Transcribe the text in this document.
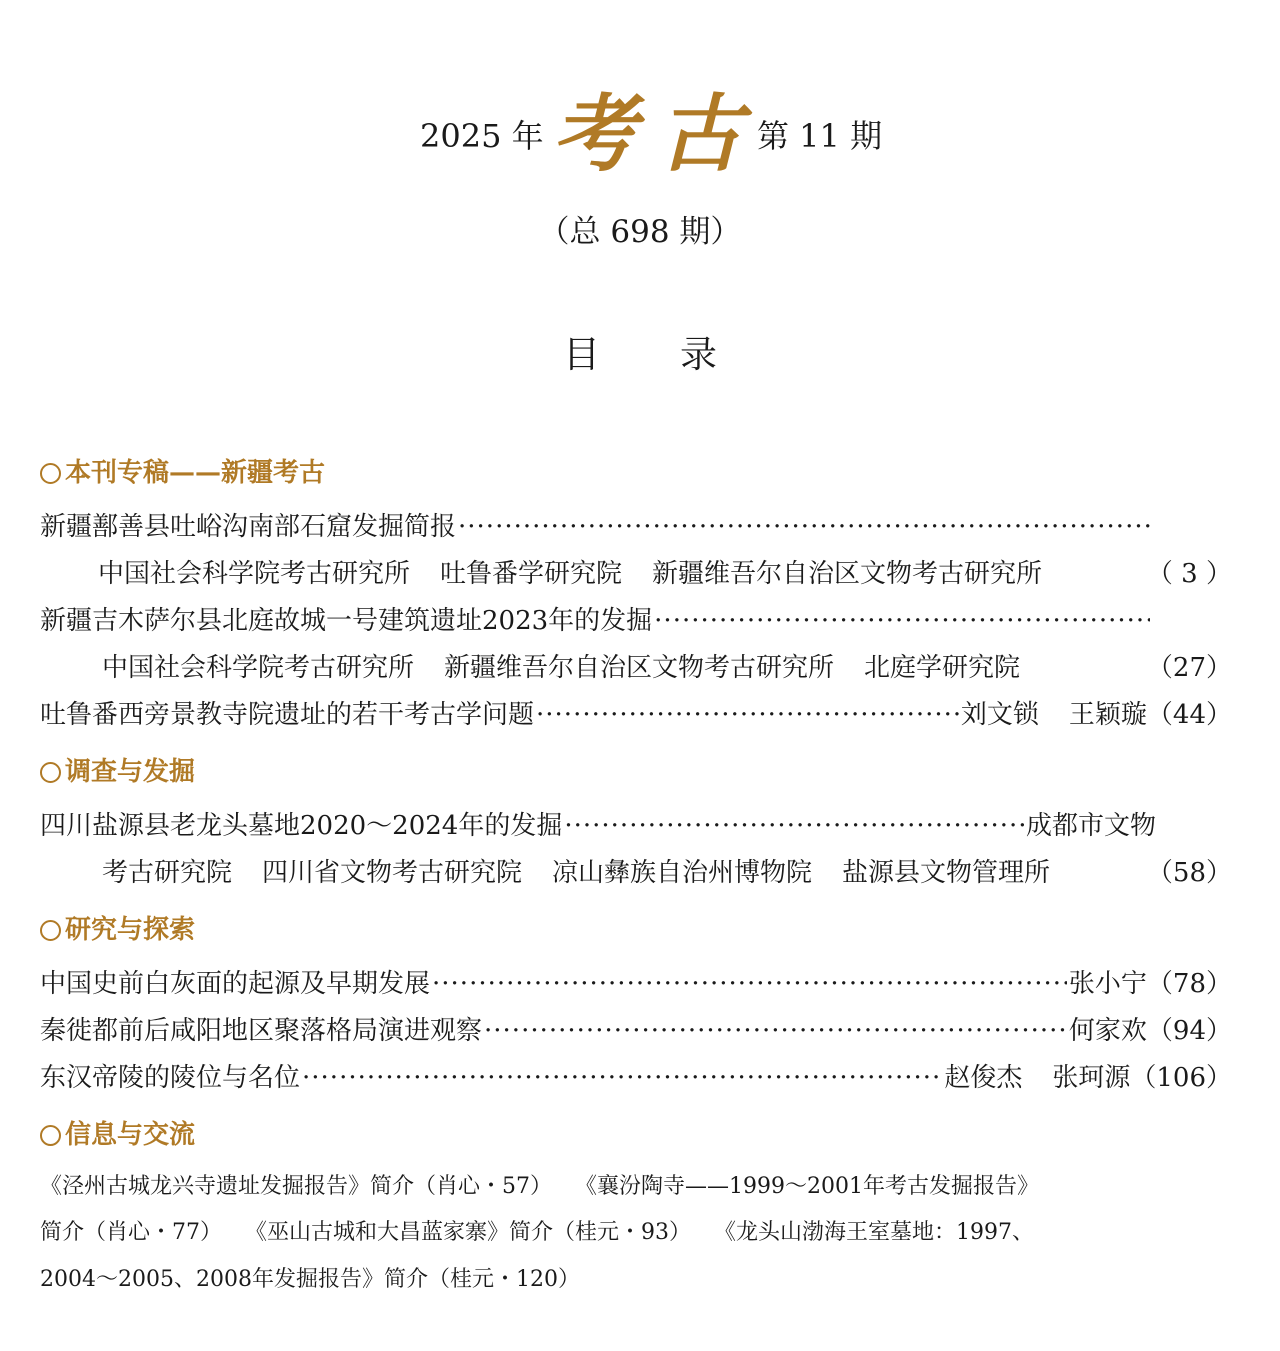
2025 年 考古
第 11 期
（总 698 期）
目录
本刊专稿——新疆考古
新疆鄯善县吐峪沟南部石窟发掘简报
·····
中国社会科学院考古研究所 吐鲁番学研究院 新疆维吾尔自治区文物考古研究所	（ 3 ）
新疆吉木萨尔县北庭故城一号建筑遗址2023年的发掘
·····
中国社会科学院考古研究所 新疆维吾尔自治区文物考古研究所 北庭学研究院	（27）
吐鲁番西旁景教寺院遗址的若干考古学问题 ·····	刘文锁 王颖璇 （44）
调查与发掘
四川盐源县老龙头墓地2020～2024年的发掘 ·····	成都市文物
考古研究院 四川省文物考古研究院 凉山彝族自治州博物院 盐源县文物管理所	（58）
研究与探索
中国史前白灰面的起源及早期发展 ·····	张小宁 （78）
秦徙都前后咸阳地区聚落格局演进观察 ·····	何家欢 （94）
东汉帝陵的陵位与名位 ·····	赵俊杰 张珂源 （106）
信息与交流
《泾州古城龙兴寺遗址发掘报告》简介（肖心・57） 《襄汾陶寺——1999～2001年考古发掘报告》
简介（肖心・77） 《巫山古城和大昌蓝家寨》简介（桂元・93） 《龙头山渤海王室墓地：1997、
2004～2005、2008年发掘报告》简介（桂元・120）
